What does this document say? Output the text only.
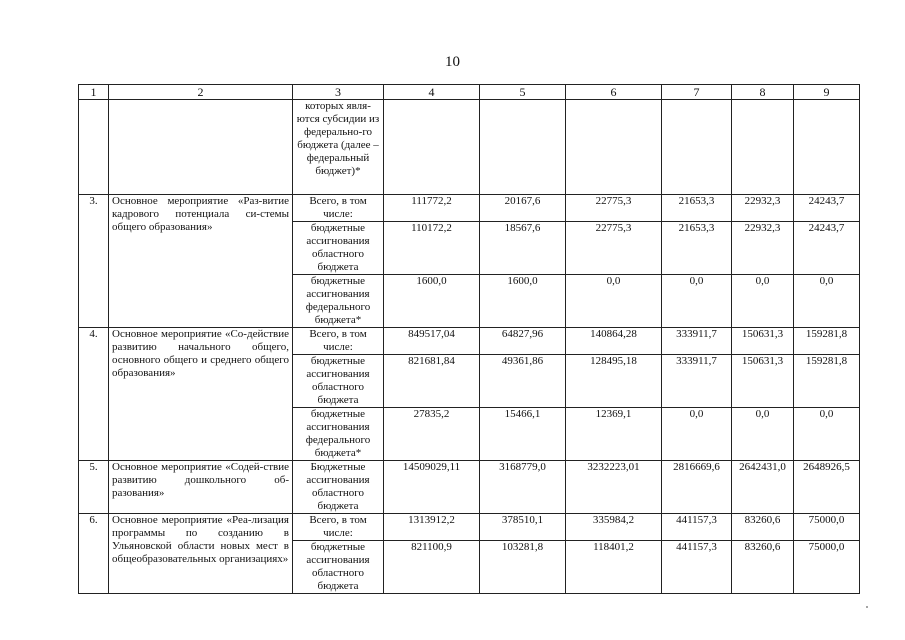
10
1	2	3	4	5	6	7	8	9
		которых явля-ются субсидии из федерально-го бюджета (далее – федеральный бюджет)*						
3.	Основное мероприятие «Раз-витие кадрового потенциала си-стемы общего образования»	Всего, в том числе:	111772,2	20167,6	22775,3	21653,3	22932,3	24243,7
		бюджетные ассигнования областного бюджета	110172,2	18567,6	22775,3	21653,3	22932,3	24243,7
		бюджетные ассигнования федерального бюджета*	1600,0	1600,0	0,0	0,0	0,0	0,0
4.	Основное мероприятие «Со-действие развитию начального общего, основного общего и среднего общего образования»	Всего, в том числе:	849517,04	64827,96	140864,28	333911,7	150631,3	159281,8
		бюджетные ассигнования областного бюджета	821681,84	49361,86	128495,18	333911,7	150631,3	159281,8
		бюджетные ассигнования федерального бюджета*	27835,2	15466,1	12369,1	0,0	0,0	0,0
5.	Основное мероприятие «Содей-ствие развитию дошкольного об-разования»	Бюджетные ассигнования областного бюджета	14509029,11	3168779,0	3232223,01	2816669,6	2642431,0	2648926,5
6.	Основное мероприятие «Реа-лизация программы по созданию в Ульяновской области новых мест в общеобразовательных организациях»	Всего, в том числе:	1313912,2	378510,1	335984,2	441157,3	83260,6	75000,0
		бюджетные ассигнования областного бюджета	821100,9	103281,8	118401,2	441157,3	83260,6	75000,0
